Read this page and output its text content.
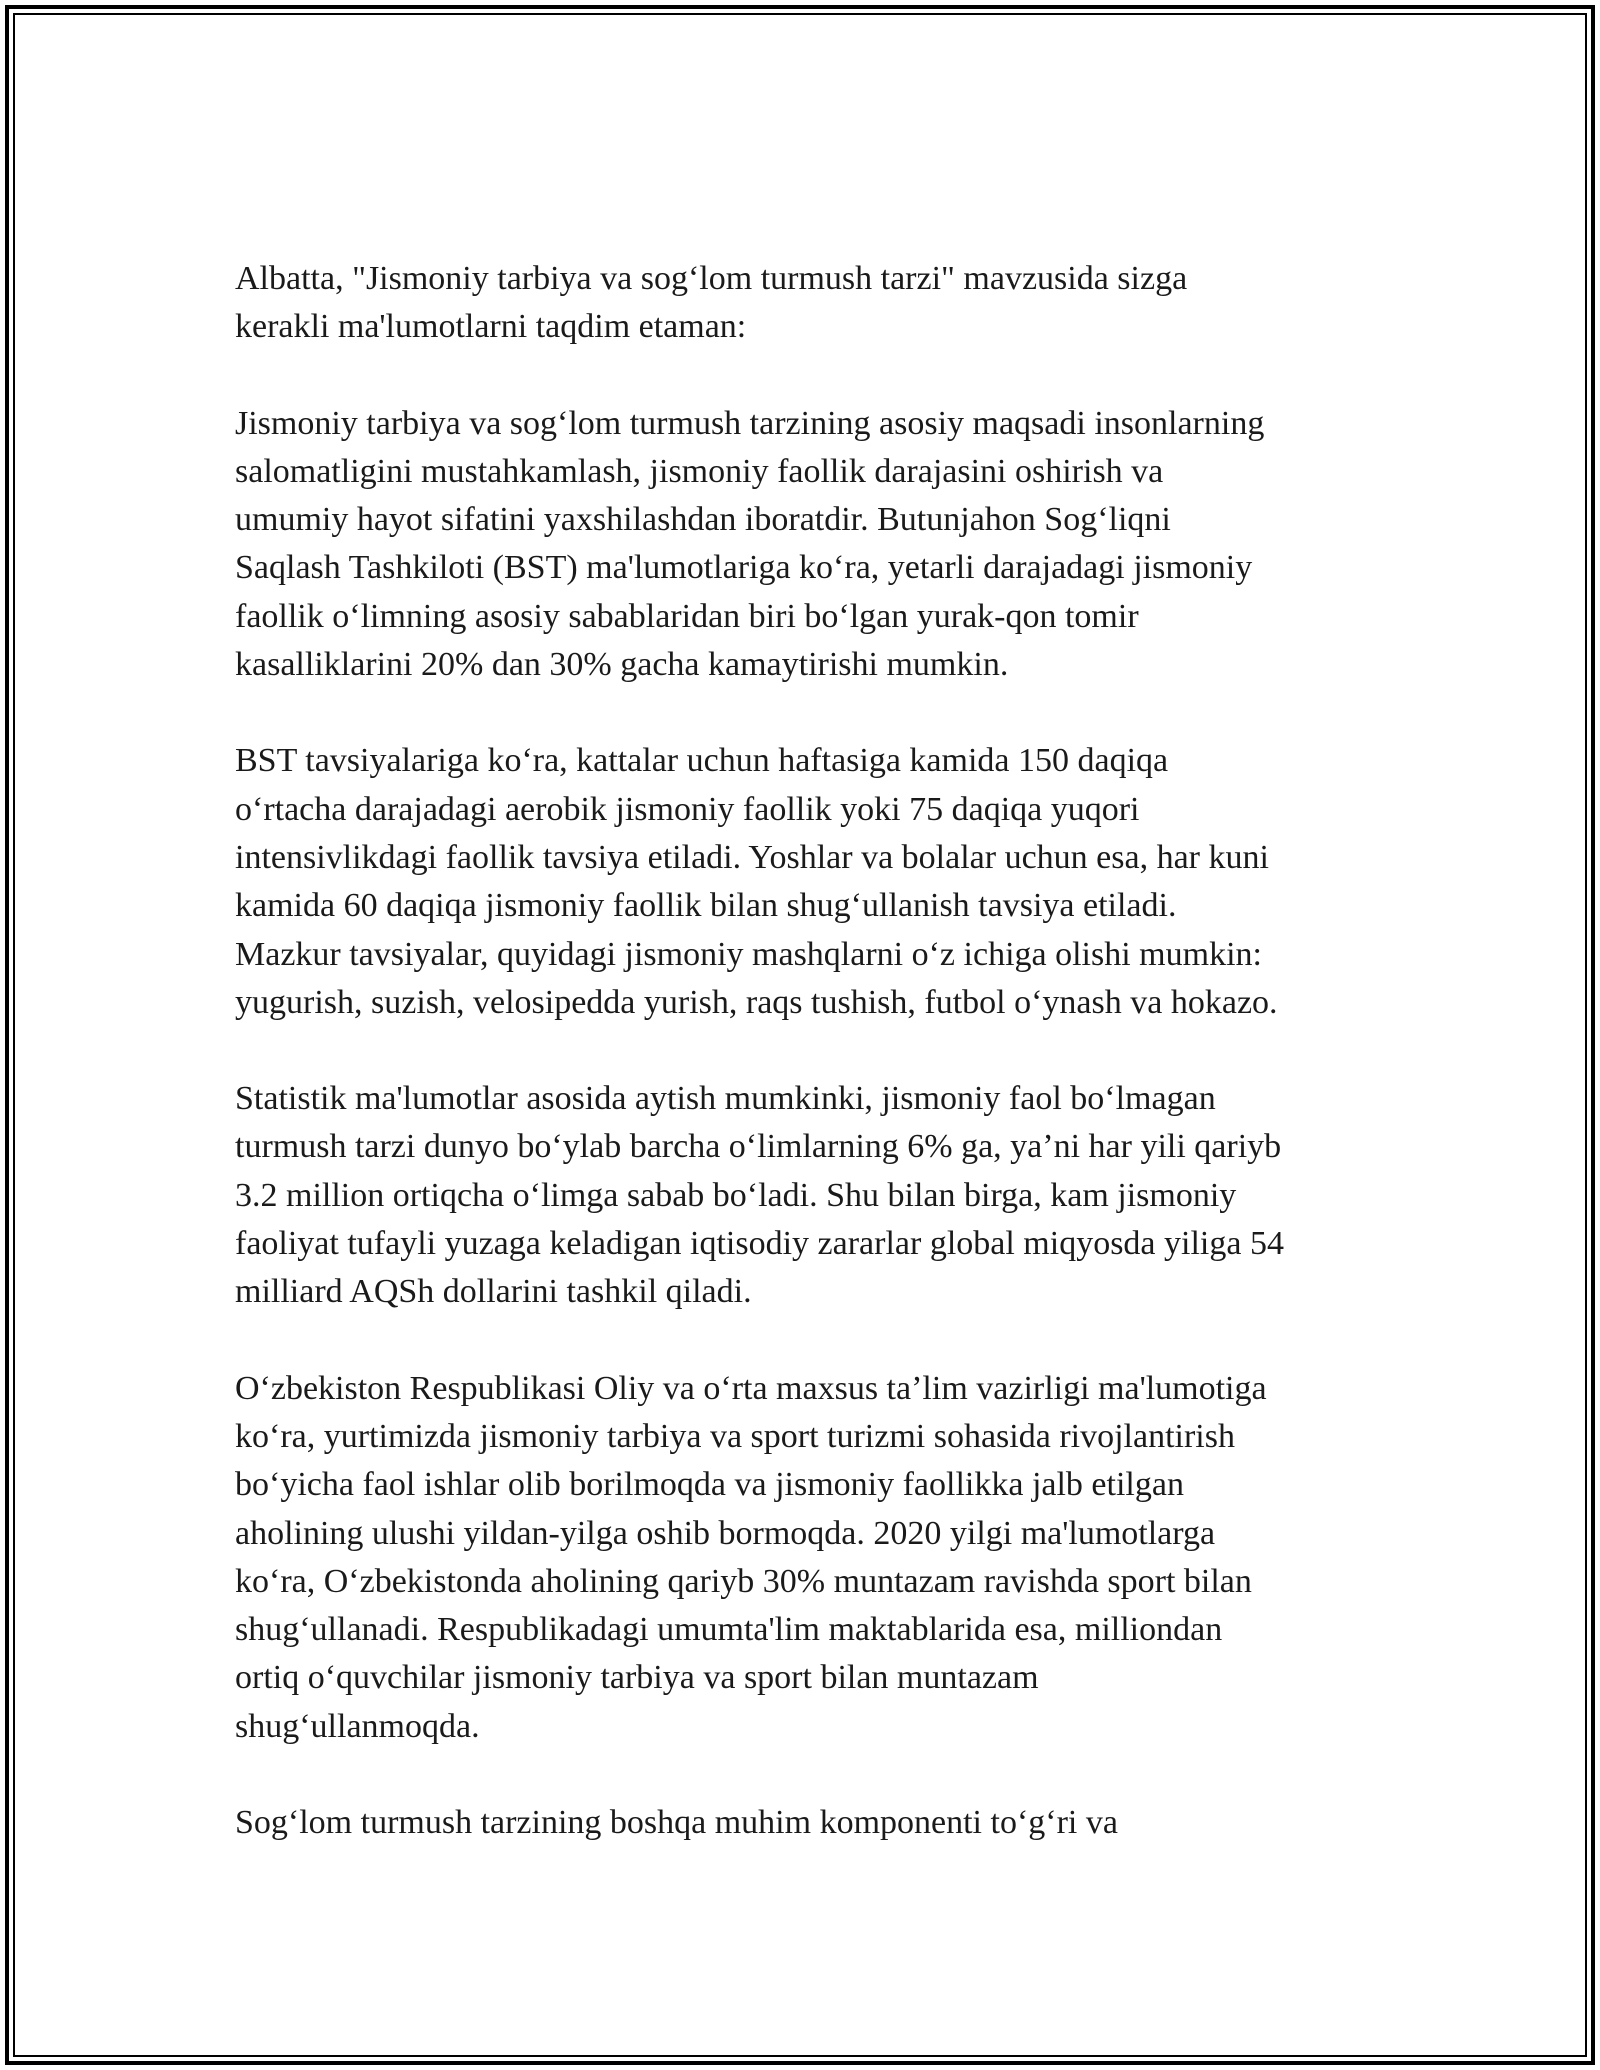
Albatta, "Jismoniy tarbiya va sog‘lom turmush tarzi" mavzusida sizga
kerakli ma'lumotlarni taqdim etaman:

Jismoniy tarbiya va sog‘lom turmush tarzining asosiy maqsadi insonlarning
salomatligini mustahkamlash, jismoniy faollik darajasini oshirish va
umumiy hayot sifatini yaxshilashdan iboratdir. Butunjahon Sog‘liqni
Saqlash Tashkiloti (BST) ma'lumotlariga ko‘ra, yetarli darajadagi jismoniy
faollik o‘limning asosiy sabablaridan biri bo‘lgan yurak-qon tomir
kasalliklarini 20% dan 30% gacha kamaytirishi mumkin.

BST tavsiyalariga ko‘ra, kattalar uchun haftasiga kamida 150 daqiqa
o‘rtacha darajadagi aerobik jismoniy faollik yoki 75 daqiqa yuqori
intensivlikdagi faollik tavsiya etiladi. Yoshlar va bolalar uchun esa, har kuni
kamida 60 daqiqa jismoniy faollik bilan shug‘ullanish tavsiya etiladi.
Mazkur tavsiyalar, quyidagi jismoniy mashqlarni o‘z ichiga olishi mumkin:
yugurish, suzish, velosipedda yurish, raqs tushish, futbol o‘ynash va hokazo.

Statistik ma'lumotlar asosida aytish mumkinki, jismoniy faol bo‘lmagan
turmush tarzi dunyo bo‘ylab barcha o‘limlarning 6% ga, ya’ni har yili qariyb
3.2 million ortiqcha o‘limga sabab bo‘ladi. Shu bilan birga, kam jismoniy
faoliyat tufayli yuzaga keladigan iqtisodiy zararlar global miqyosda yiliga 54
milliard AQSh dollarini tashkil qiladi.

O‘zbekiston Respublikasi Oliy va o‘rta maxsus ta’lim vazirligi ma'lumotiga
ko‘ra, yurtimizda jismoniy tarbiya va sport turizmi sohasida rivojlantirish
bo‘yicha faol ishlar olib borilmoqda va jismoniy faollikka jalb etilgan
aholining ulushi yildan-yilga oshib bormoqda. 2020 yilgi ma'lumotlarga
ko‘ra, O‘zbekistonda aholining qariyb 30% muntazam ravishda sport bilan
shug‘ullanadi. Respublikadagi umumta'lim maktablarida esa, milliondan
ortiq o‘quvchilar jismoniy tarbiya va sport bilan muntazam
shug‘ullanmoqda.

Sog‘lom turmush tarzining boshqa muhim komponenti to‘g‘ri va
